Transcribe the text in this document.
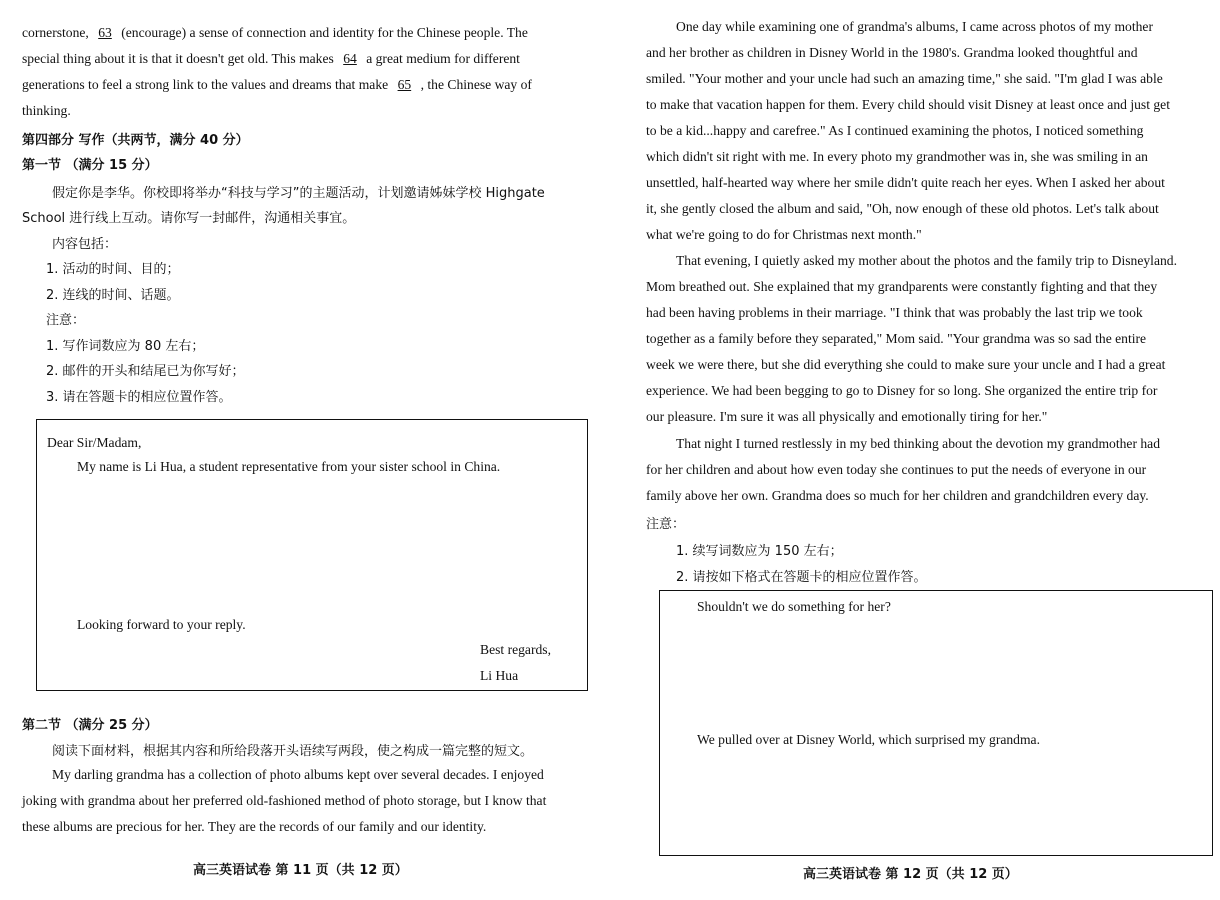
cornerstone, 63 (encourage) a sense of connection and identity for the Chinese people. The
special thing about it is that it doesn't get old. This makes 64 a great medium for different
generations to feel a strong link to the values and dreams that make 65 , the Chinese way of
thinking.
第四部分 写作（共两节，满分 40 分）
第一节 （满分 15 分）
假定你是李华。你校即将举办“科技与学习”的主题活动，计划邀请姊妹学校 Highgate
School 进行线上互动。请你写一封邮件，沟通相关事宜。
内容包括：
1. 活动的时间、目的；
2. 连线的时间、话题。
注意：
1. 写作词数应为 80 左右；
2. 邮件的开头和结尾已为你写好；
3. 请在答题卡的相应位置作答。
Dear Sir/Madam,
My name is Li Hua, a student representative from your sister school in China.
Looking forward to your reply.
Best regards,
Li Hua
第二节 （满分 25 分）
阅读下面材料，根据其内容和所给段落开头语续写两段，使之构成一篇完整的短文。
My darling grandma has a collection of photo albums kept over several decades. I enjoyed
joking with grandma about her preferred old-fashioned method of photo storage, but I know that
these albums are precious for her. They are the records of our family and our identity.
高三英语试卷 第 11 页（共 12 页）
One day while examining one of grandma's albums, I came across photos of my mother
and her brother as children in Disney World in the 1980's. Grandma looked thoughtful and
smiled. "Your mother and your uncle had such an amazing time," she said. "I'm glad I was able
to make that vacation happen for them. Every child should visit Disney at least once and just get
to be a kid...happy and carefree." As I continued examining the photos, I noticed something
which didn't sit right with me. In every photo my grandmother was in, she was smiling in an
unsettled, half-hearted way where her smile didn't quite reach her eyes. When I asked her about
it, she gently closed the album and said, "Oh, now enough of these old photos. Let's talk about
what we're going to do for Christmas next month."
That evening, I quietly asked my mother about the photos and the family trip to Disneyland.
Mom breathed out. She explained that my grandparents were constantly fighting and that they
had been having problems in their marriage. "I think that was probably the last trip we took
together as a family before they separated," Mom said. "Your grandma was so sad the entire
week we were there, but she did everything she could to make sure your uncle and I had a great
experience. We had been begging to go to Disney for so long. She organized the entire trip for
our pleasure. I'm sure it was all physically and emotionally tiring for her."
That night I turned restlessly in my bed thinking about the devotion my grandmother had
for her children and about how even today she continues to put the needs of everyone in our
family above her own. Grandma does so much for her children and grandchildren every day.
注意：
1. 续写词数应为 150 左右；
2. 请按如下格式在答题卡的相应位置作答。
Shouldn't we do something for her?
We pulled over at Disney World, which surprised my grandma.
高三英语试卷 第 12 页（共 12 页）
